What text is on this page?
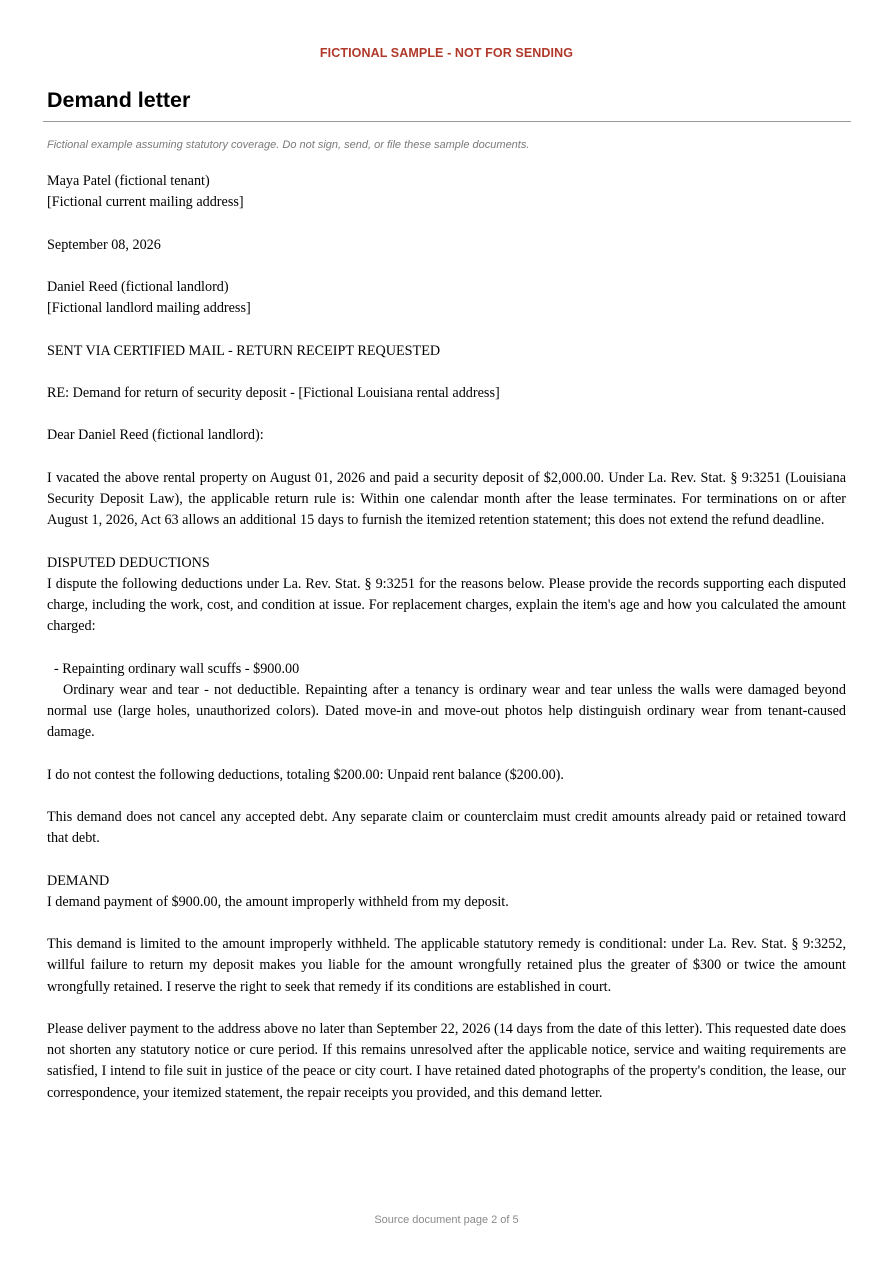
FICTIONAL SAMPLE - NOT FOR SENDING
Demand letter
Fictional example assuming statutory coverage. Do not sign, send, or file these sample documents.

Maya Patel (fictional tenant)
[Fictional current mailing address]

September 08, 2026

Daniel Reed (fictional landlord)
[Fictional landlord mailing address]

SENT VIA CERTIFIED MAIL - RETURN RECEIPT REQUESTED

RE: Demand for return of security deposit - [Fictional Louisiana rental address]

Dear Daniel Reed (fictional landlord):

I vacated the above rental property on August 01, 2026 and paid a security deposit of $2,000.00. Under La. Rev. Stat. § 9:3251 (Louisiana Security Deposit Law), the applicable return rule is: Within one calendar month after the lease terminates. For terminations on or after August 1, 2026, Act 63 allows an additional 15 days to furnish the itemized retention statement; this does not extend the refund deadline.

DISPUTED DEDUCTIONS

I dispute the following deductions under La. Rev. Stat. § 9:3251 for the reasons below. Please provide the records supporting each disputed charge, including the work, cost, and condition at issue. For replacement charges, explain the item's age and how you calculated the amount charged:

- Repainting ordinary wall scuffs - $900.00

Ordinary wear and tear - not deductible. Repainting after a tenancy is ordinary wear and tear unless the walls were damaged beyond normal use (large holes, unauthorized colors). Dated move-in and move-out photos help distinguish ordinary wear from tenant-caused damage.

I do not contest the following deductions, totaling $200.00: Unpaid rent balance ($200.00).

This demand does not cancel any accepted debt. Any separate claim or counterclaim must credit amounts already paid or retained toward that debt.

DEMAND

I demand payment of $900.00, the amount improperly withheld from my deposit.

This demand is limited to the amount improperly withheld. The applicable statutory remedy is conditional: under La. Rev. Stat. § 9:3252, willful failure to return my deposit makes you liable for the amount wrongfully retained plus the greater of $300 or twice the amount wrongfully retained. I reserve the right to seek that remedy if its conditions are established in court.

Please deliver payment to the address above no later than September 22, 2026 (14 days from the date of this letter). This requested date does not shorten any statutory notice or cure period. If this remains unresolved after the applicable notice, service and waiting requirements are satisfied, I intend to file suit in justice of the peace or city court. I have retained dated photographs of the property's condition, the lease, our correspondence, your itemized statement, the repair receipts you provided, and this demand letter.

Source document page 2 of 5
